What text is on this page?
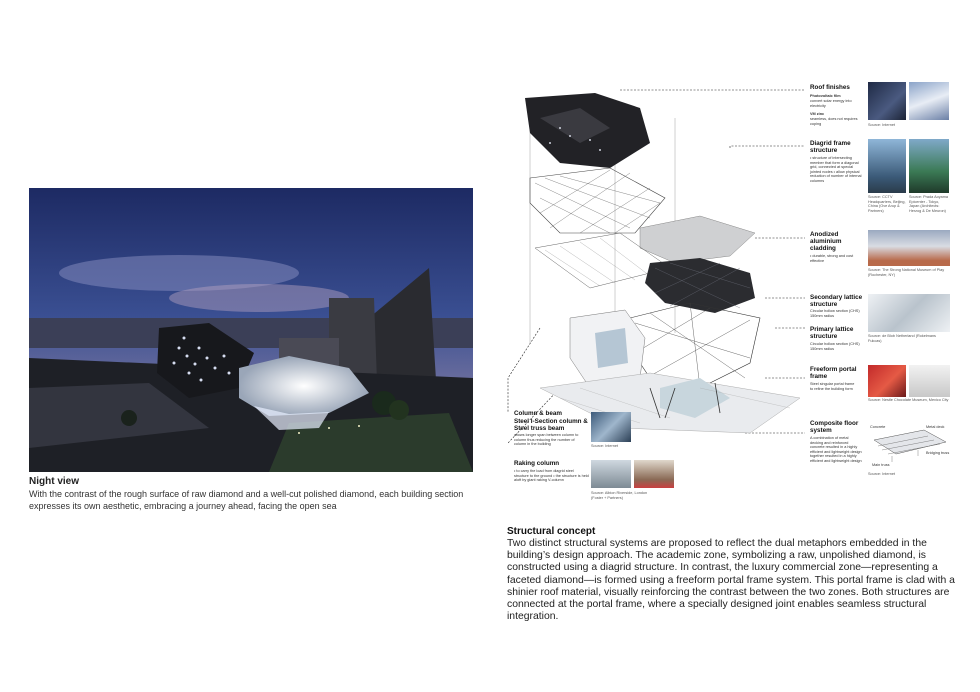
Night view
With the contrast of the rough surface of raw diamond and a well-cut polished diamond, each building section expresses its own aesthetic, embracing a journey ahead, facing the open sea
Roof finishes
Photovoltaic film
convert solar energy into electricity
VM zinc
seamless, does not requires coping	Source: Internet
Diagrid frame structure
• structure of intersecting member that form a diagonal grid, connected at special jointed nodes • allow physical reduction of number of internal columns
Source: CCTV Headquarters, Beijing, China (Ove Arup & Partners)
Source: Prada Aoyama Epicenter - Tokyo, Japan (Architects: Herzog & De Meuron)
Anodized aluminium cladding
• durable, strong and cost effective
Source: The Strong National Museum of Play (Rochester, NY)
Secondary lattice structure
Circular hollow section (CHS) 150mm radius
Source: de Blob Netherland (Rokelmans Fukcas)
Primary lattice structure
Circular hollow section (CHS) 150mm radius
Freeform portal frame
Steel singular portal frame to refine the building form
Source: Nestle Chocolate Museum, Mexico City
Composite floor system
A combination of metal decking and reinforced concrete resulted in a highly efficient and lightweight design together resulted in a highly efficient and lightweight design
Concrete	Metal deck
Main truss
Bridging truss
Source: Internet
Column & beam
Steel I-Section column & Steel truss beam
allows longer span between column to column thus reducing the number of column in the building	Source: Internet
Raking column
• to carry the load from diagrid steel structure to the ground • the structure is held aloft by giant raking V-column
Source: Albion Riverside, London (Foster + Partners)
Structural concept
Two distinct structural systems are proposed to reflect the dual metaphors embedded in the building’s design approach. The academic zone, symbolizing a raw, unpolished diamond, is constructed using a diagrid structure. In contrast, the luxury commercial zone—representing a faceted diamond—is formed using a freeform portal frame system. This portal frame is clad with a shinier roof material, visually reinforcing the contrast between the two zones. Both structures are connected at the portal frame, where a specially designed joint enables seamless structural integration.
